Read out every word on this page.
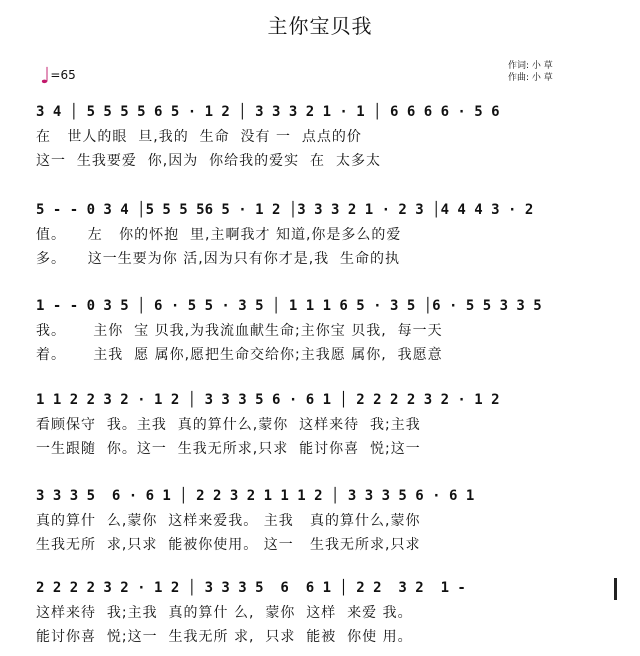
主你宝贝我
作词: 小 草
作曲: 小 草
♩=65
3 4 │ 5 5 5 5 6 5 · 1 2 │ 3 3 3 2 1 · 1 │ 6 6 6 6 · 5 6
在   世人的眼  旦,我的  生命  没有 一  点点的价
这一  生我要爱  你,因为  你给我的爱实  在  太多太
5 - - 0 3 4 │5 5 5 56 5 · 1 2 │3 3 3 2 1 · 2 3 │4 4 4 3 · 2
值。    左   你的怀抱  里,主啊我才 知道,你是多么的爱
多。    这一生要为你 活,因为只有你才是,我  生命的执
1 - - 0 3 5 │ 6 · 5 5 · 3 5 │ 1 1 1 6 5 · 3 5 │6 · 5 5 3 3 5
我。     主你  宝 贝我,为我流血献生命;主你宝 贝我,  每一天
着。     主我  愿 属你,愿把生命交给你;主我愿 属你,  我愿意
1 1 2 2 3 2 · 1 2 │ 3 3 3 5 6 · 6 1 │ 2 2 2 2 3 2 · 1 2
看顾保守  我。主我  真的算什么,蒙你  这样来待  我;主我
一生跟随  你。这一  生我无所求,只求  能讨你喜  悦;这一
3 3 3 5  6 · 6 1 │ 2 2 3 2 1 1 1 2 │ 3 3 3 5 6 · 6 1
真的算什  么,蒙你  这样来爱我。 主我   真的算什么,蒙你
生我无所  求,只求  能被你使用。 这一   生我无所求,只求
2 2 2 2 3 2 · 1 2 │ 3 3 3 5  6  6 1 │ 2 2  3 2  1 -
这样来待  我;主我  真的算什 么,  蒙你  这样  来爱 我。
能讨你喜  悦;这一  生我无所 求,  只求  能被  你使 用。
